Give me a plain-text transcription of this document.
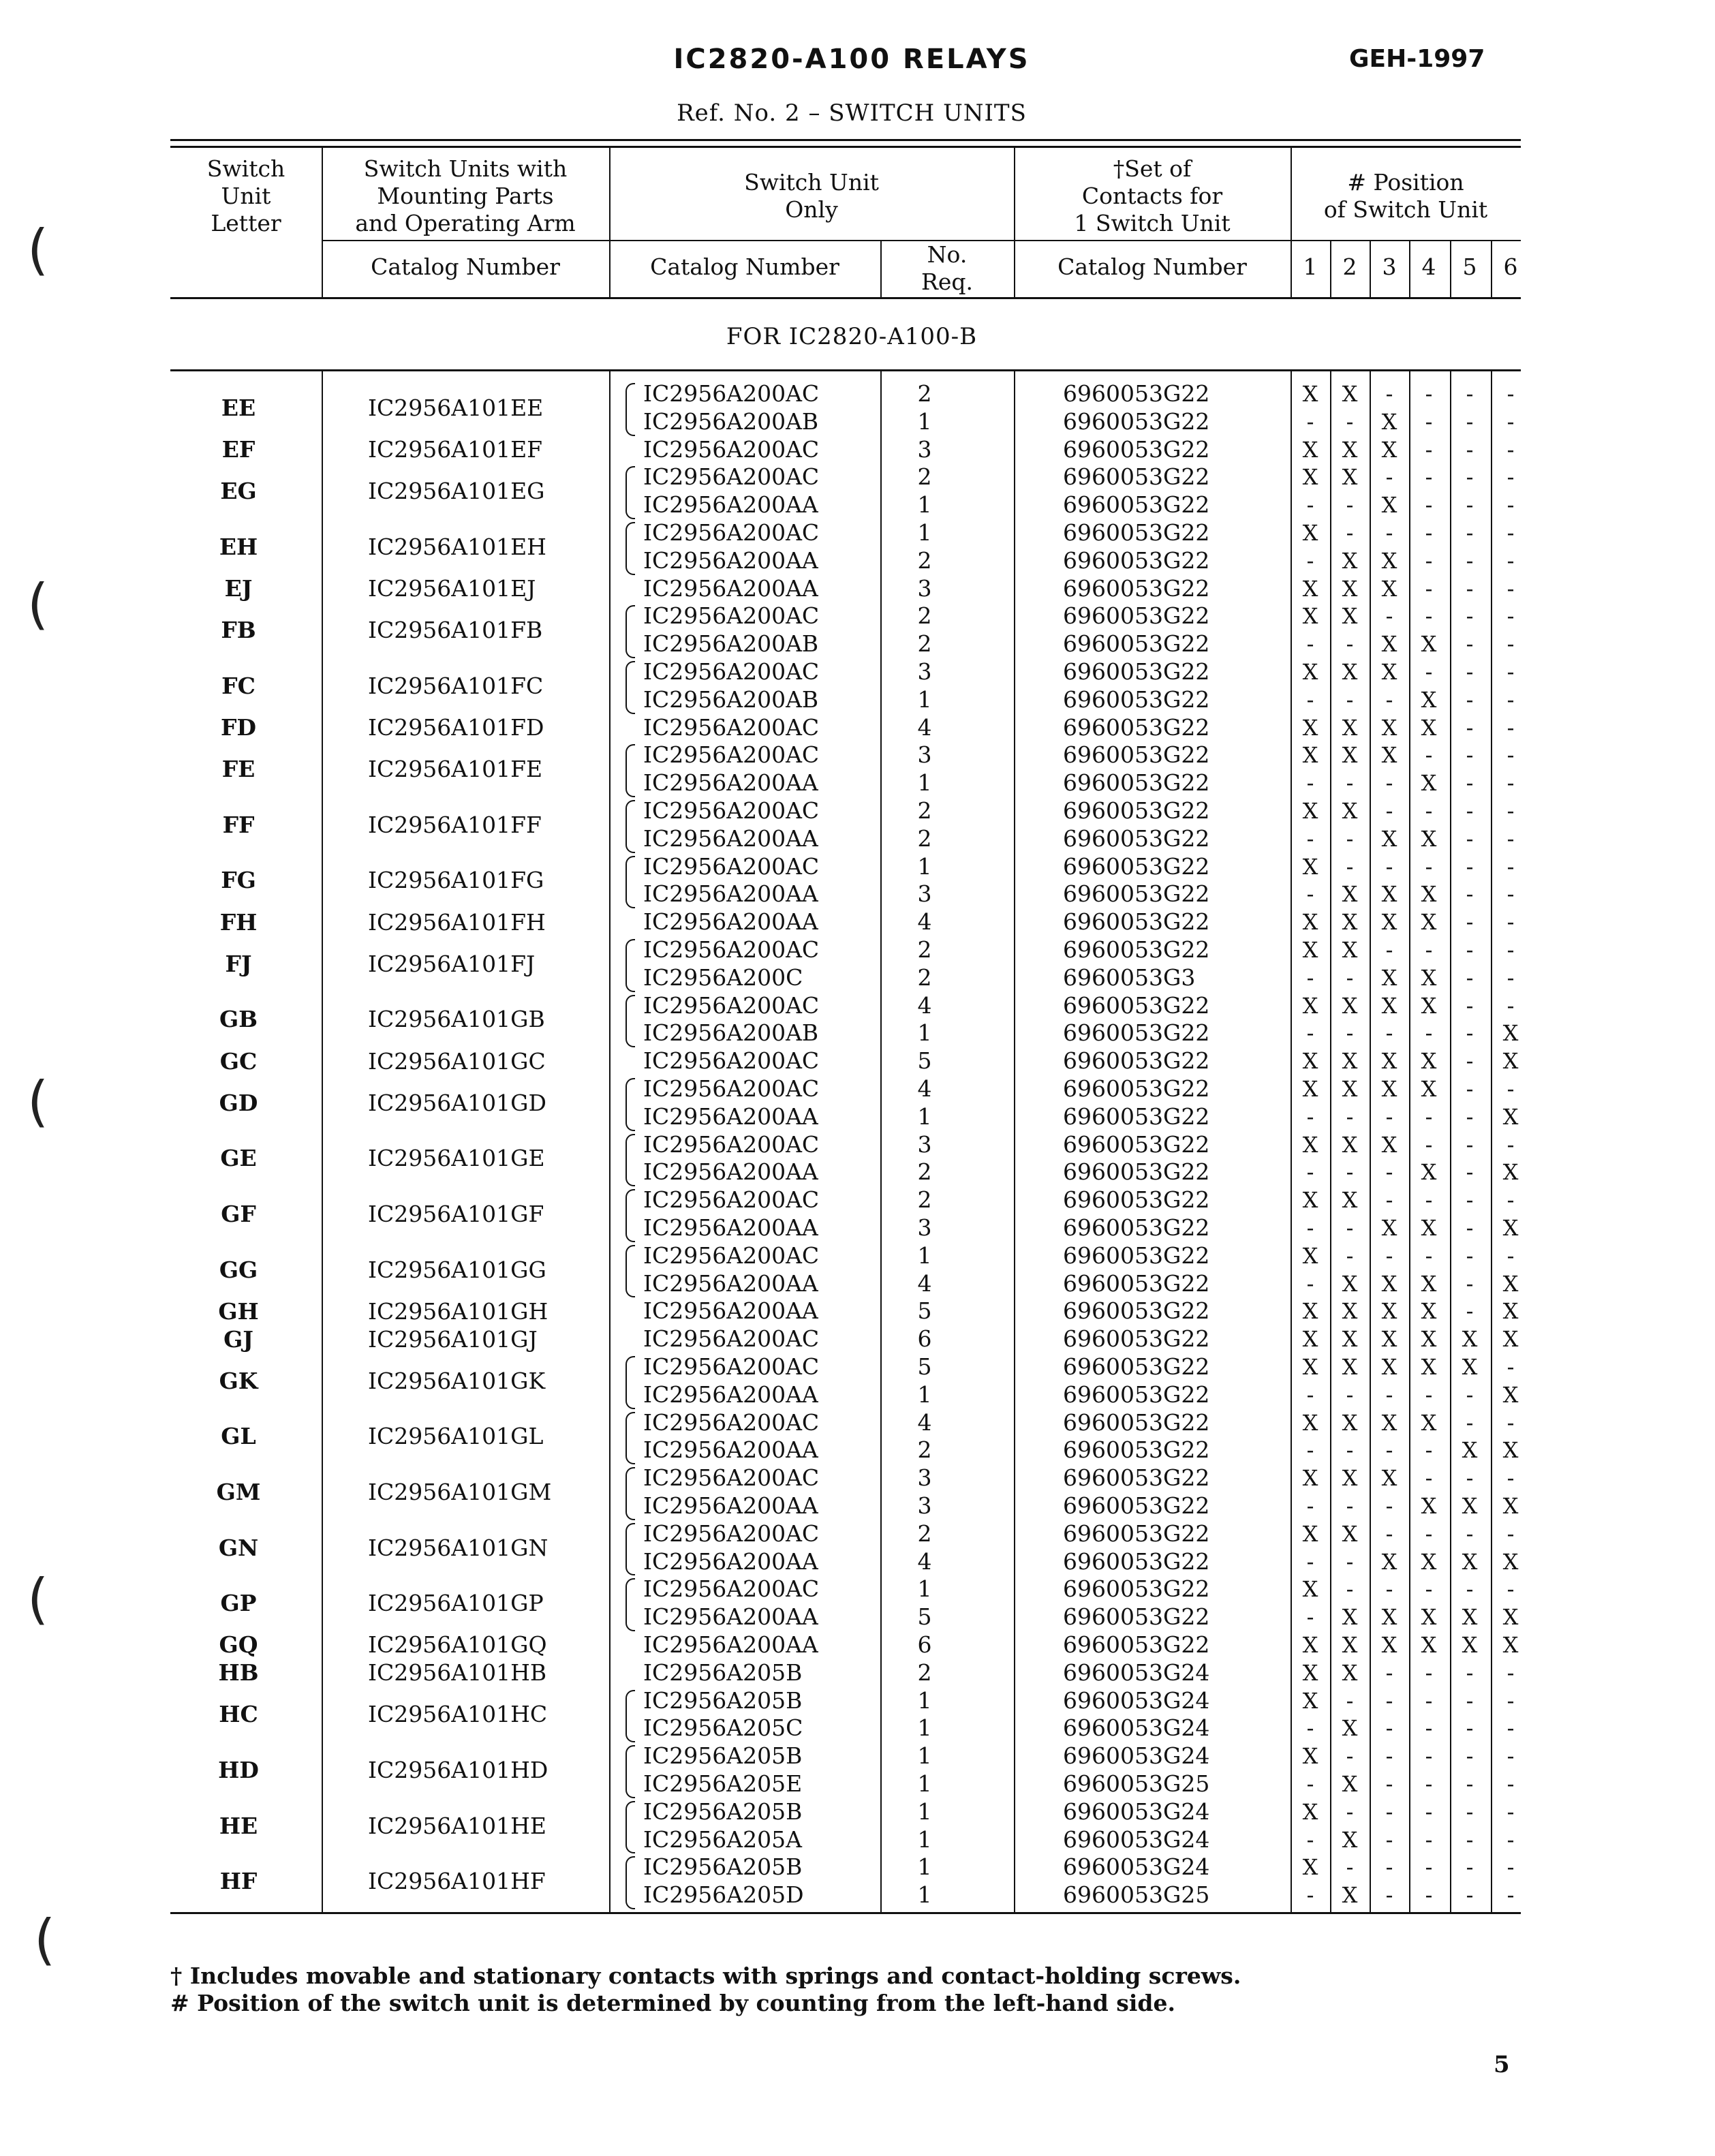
(
(
(
(
(
IC2820-A100 RELAYS	GEH-1997
Ref. No. 2 – SWITCH UNITS
Switch
Unit
Letter
Switch Units with
Mounting Parts
and Operating Arm
Catalog Number
Switch Unit
Only
Catalog Number	No.
Req.
†Set of
Contacts for
1 Switch Unit
Catalog Number
# Position
of Switch Unit
1	2	3	4	5	6
FOR IC2820-A100-B
EE	IC2956A101EE
IC2956A200AC	2	6960053G22	X	X	-	-	-	-
IC2956A200AB	1	6960053G22	-	-	X	-	-	-
EF	IC2956A101EF	IC2956A200AC	3	6960053G22	X	X	X	-	-	-
EG	IC2956A101EG
IC2956A200AC	2	6960053G22	X	X	-	-	-	-
IC2956A200AA	1	6960053G22	-	-	X	-	-	-
EH	IC2956A101EH
IC2956A200AC	1	6960053G22	X	-	-	-	-	-
IC2956A200AA	2	6960053G22	-	X	X	-	-	-
EJ	IC2956A101EJ	IC2956A200AA	3	6960053G22	X	X	X	-	-	-
FB	IC2956A101FB
IC2956A200AC	2	6960053G22	X	X	-	-	-	-
IC2956A200AB	2	6960053G22	-	-	X	X	-	-
FC	IC2956A101FC
IC2956A200AC	3	6960053G22	X	X	X	-	-	-
IC2956A200AB	1	6960053G22	-	-	-	X	-	-
FD	IC2956A101FD	IC2956A200AC	4	6960053G22	X	X	X	X	-	-
FE	IC2956A101FE
IC2956A200AC	3	6960053G22	X	X	X	-	-	-
IC2956A200AA	1	6960053G22	-	-	-	X	-	-
FF	IC2956A101FF
IC2956A200AC	2	6960053G22	X	X	-	-	-	-
IC2956A200AA	2	6960053G22	-	-	X	X	-	-
FG	IC2956A101FG
IC2956A200AC	1	6960053G22	X	-	-	-	-	-
IC2956A200AA	3	6960053G22	-	X	X	X	-	-
FH	IC2956A101FH	IC2956A200AA	4	6960053G22	X	X	X	X	-	-
FJ	IC2956A101FJ
IC2956A200AC	2	6960053G22	X	X	-	-	-	-
IC2956A200C	2	6960053G3	-	-	X	X	-	-
GB	IC2956A101GB
IC2956A200AC	4	6960053G22	X	X	X	X	-	-
IC2956A200AB	1	6960053G22	-	-	-	-	-	X
GC	IC2956A101GC	IC2956A200AC	5	6960053G22	X	X	X	X	-	X
GD	IC2956A101GD
IC2956A200AC	4	6960053G22	X	X	X	X	-	-
IC2956A200AA	1	6960053G22	-	-	-	-	-	X
GE	IC2956A101GE
IC2956A200AC	3	6960053G22	X	X	X	-	-	-
IC2956A200AA	2	6960053G22	-	-	-	X	-	X
GF	IC2956A101GF
IC2956A200AC	2	6960053G22	X	X	-	-	-	-
IC2956A200AA	3	6960053G22	-	-	X	X	-	X
GG	IC2956A101GG
IC2956A200AC	1	6960053G22	X	-	-	-	-	-
IC2956A200AA	4	6960053G22	-	X	X	X	-	X
GH	IC2956A101GH	IC2956A200AA	5	6960053G22	X	X	X	X	-	X
GJ	IC2956A101GJ	IC2956A200AC	6	6960053G22	X	X	X	X	X	X
GK	IC2956A101GK
IC2956A200AC	5	6960053G22	X	X	X	X	X	-
IC2956A200AA	1	6960053G22	-	-	-	-	-	X
GL	IC2956A101GL
IC2956A200AC	4	6960053G22	X	X	X	X	-	-
IC2956A200AA	2	6960053G22	-	-	-	-	X	X
GM	IC2956A101GM
IC2956A200AC	3	6960053G22	X	X	X	-	-	-
IC2956A200AA	3	6960053G22	-	-	-	X	X	X
GN	IC2956A101GN
IC2956A200AC	2	6960053G22	X	X	-	-	-	-
IC2956A200AA	4	6960053G22	-	-	X	X	X	X
GP	IC2956A101GP
IC2956A200AC	1	6960053G22	X	-	-	-	-	-
IC2956A200AA	5	6960053G22	-	X	X	X	X	X
GQ	IC2956A101GQ	IC2956A200AA	6	6960053G22	X	X	X	X	X	X
HB	IC2956A101HB	IC2956A205B	2	6960053G24	X	X	-	-	-	-
HC	IC2956A101HC
IC2956A205B	1	6960053G24	X	-	-	-	-	-
IC2956A205C	1	6960053G24	-	X	-	-	-	-
HD	IC2956A101HD
IC2956A205B	1	6960053G24	X	-	-	-	-	-
IC2956A205E	1	6960053G25	-	X	-	-	-	-
HE	IC2956A101HE
IC2956A205B	1	6960053G24	X	-	-	-	-	-
IC2956A205A	1	6960053G24	-	X	-	-	-	-
HF	IC2956A101HF
IC2956A205B	1	6960053G24	X	-	-	-	-	-
IC2956A205D	1	6960053G25	-	X	-	-	-	-
† Includes movable and stationary contacts with springs and contact-holding screws.
# Position of the switch unit is determined by counting from the left-hand side.
5
